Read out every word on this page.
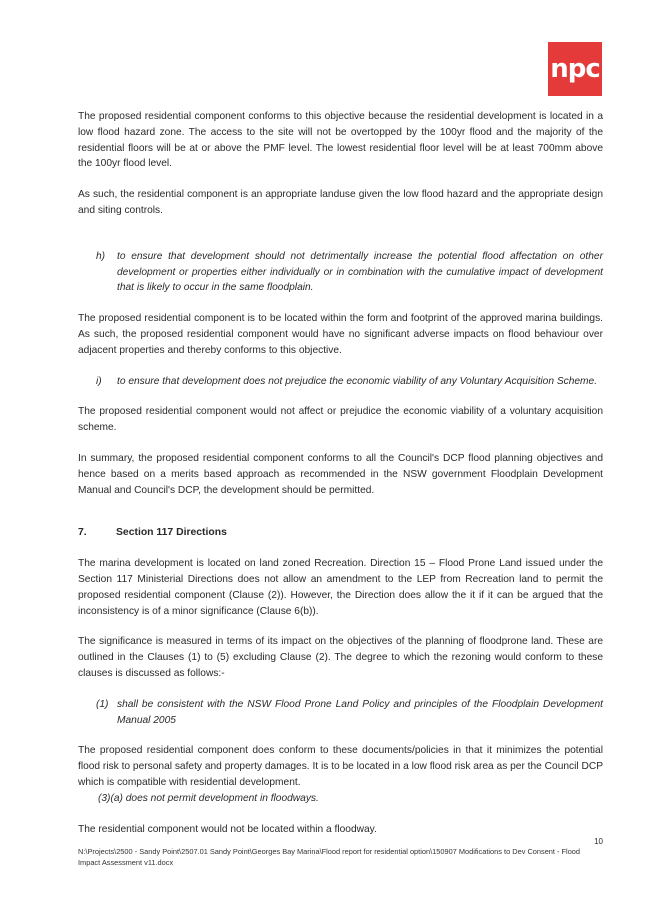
npc

The proposed residential component conforms to this objective because the residential development is located in a low flood hazard zone. The access to the site will not be overtopped by the 100yr flood and the majority of the residential floors will be at or above the PMF level. The lowest residential floor level will be at least 700mm above the 100yr flood level.

As such, the residential component is an appropriate landuse given the low flood hazard and the appropriate design and siting controls.

h)	to ensure that development should not detrimentally increase the potential flood affectation on other development or properties either individually or in combination with the cumulative impact of development that is likely to occur in the same floodplain.

The proposed residential component is to be located within the form and footprint of the approved marina buildings. As such, the proposed residential component would have no significant adverse impacts on flood behaviour over adjacent properties and thereby conforms to this objective.

i)	to ensure that development does not prejudice the economic viability of any Voluntary Acquisition Scheme.

The proposed residential component would not affect or prejudice the economic viability of a voluntary acquisition scheme.

In summary, the proposed residential component conforms to all the Council's DCP flood planning objectives and hence based on a merits based approach as recommended in the NSW government Floodplain Development Manual and Council's DCP, the development should be permitted.

7.	Section 117 Directions

The marina development is located on land zoned Recreation. Direction 15 – Flood Prone Land issued under the Section 117 Ministerial Directions does not allow an amendment to the LEP from Recreation land to permit the proposed residential component (Clause (2)). However, the Direction does allow the it if it can be argued that the inconsistency is of a minor significance (Clause 6(b)).

The significance is measured in terms of its impact on the objectives of the planning of floodprone land. These are outlined in the Clauses (1) to (5) excluding Clause (2). The degree to which the rezoning would conform to these clauses is discussed as follows:-

(1) shall be consistent with the NSW Flood Prone Land Policy and principles of the Floodplain Development Manual 2005

The proposed residential component does conform to these documents/policies in that it minimizes the potential flood risk to personal safety and property damages. It is to be located in a low flood risk area as per the Council DCP which is compatible with residential development.

(3)(a) does not permit development in floodways.

The residential component would not be located within a floodway.

10
N:\Projects\2500 - Sandy Point\2507.01 Sandy Point\Georges Bay Marina\Flood report for residential option\150907 Modifications to Dev Consent - Flood Impact Assessment v11.docx
